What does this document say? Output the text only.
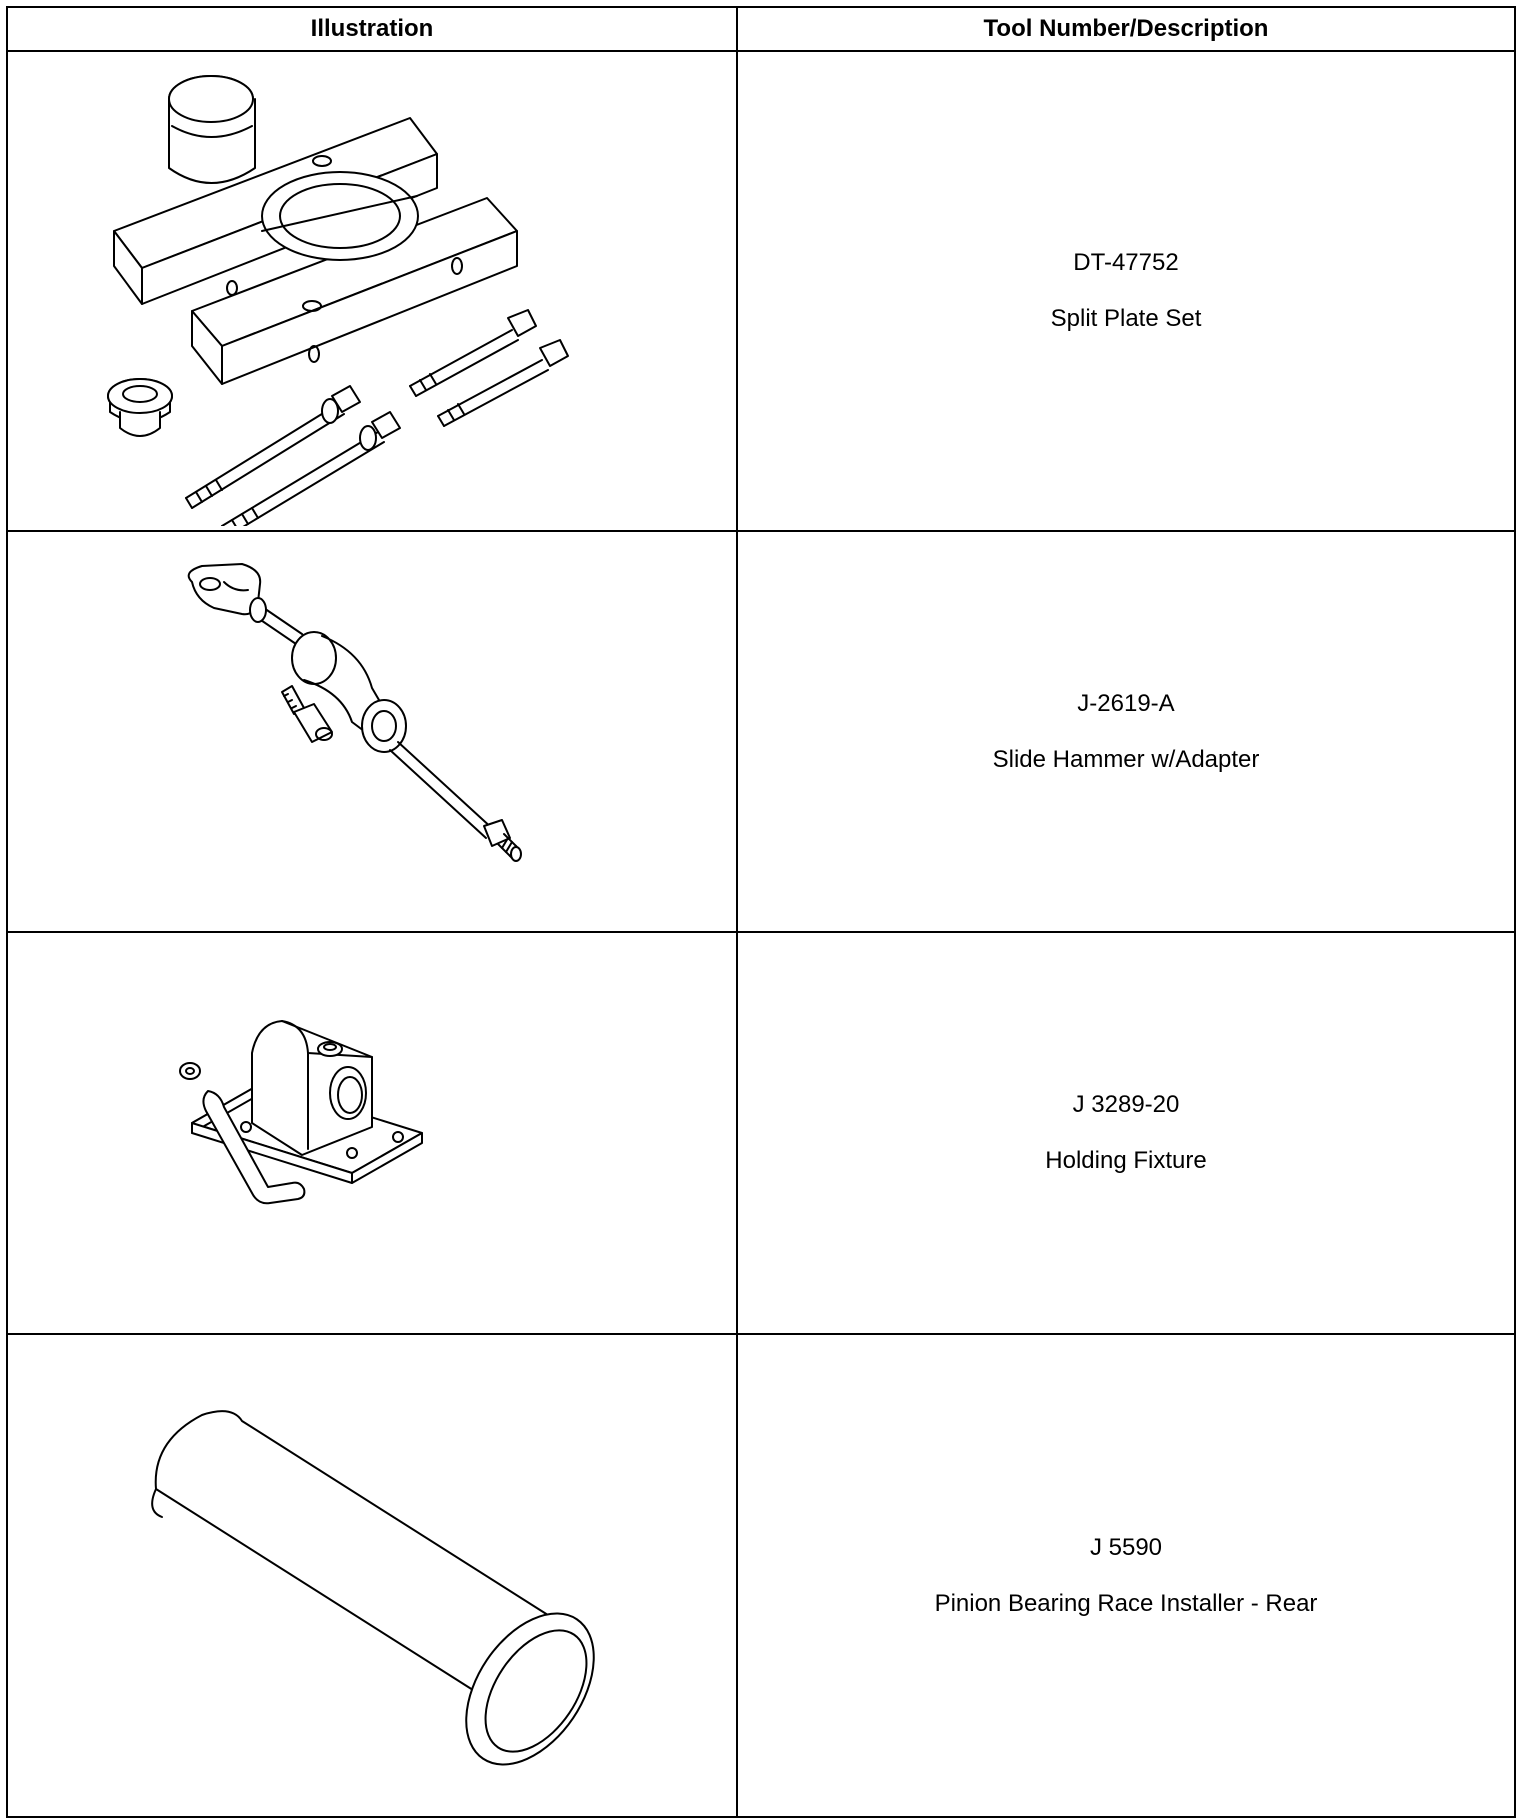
Illustration	Tool Number/Description

DT-47752
Split Plate Set

J-2619-A
Slide Hammer w/Adapter

J 3289-20
Holding Fixture

J 5590
Pinion Bearing Race Installer - Rear
